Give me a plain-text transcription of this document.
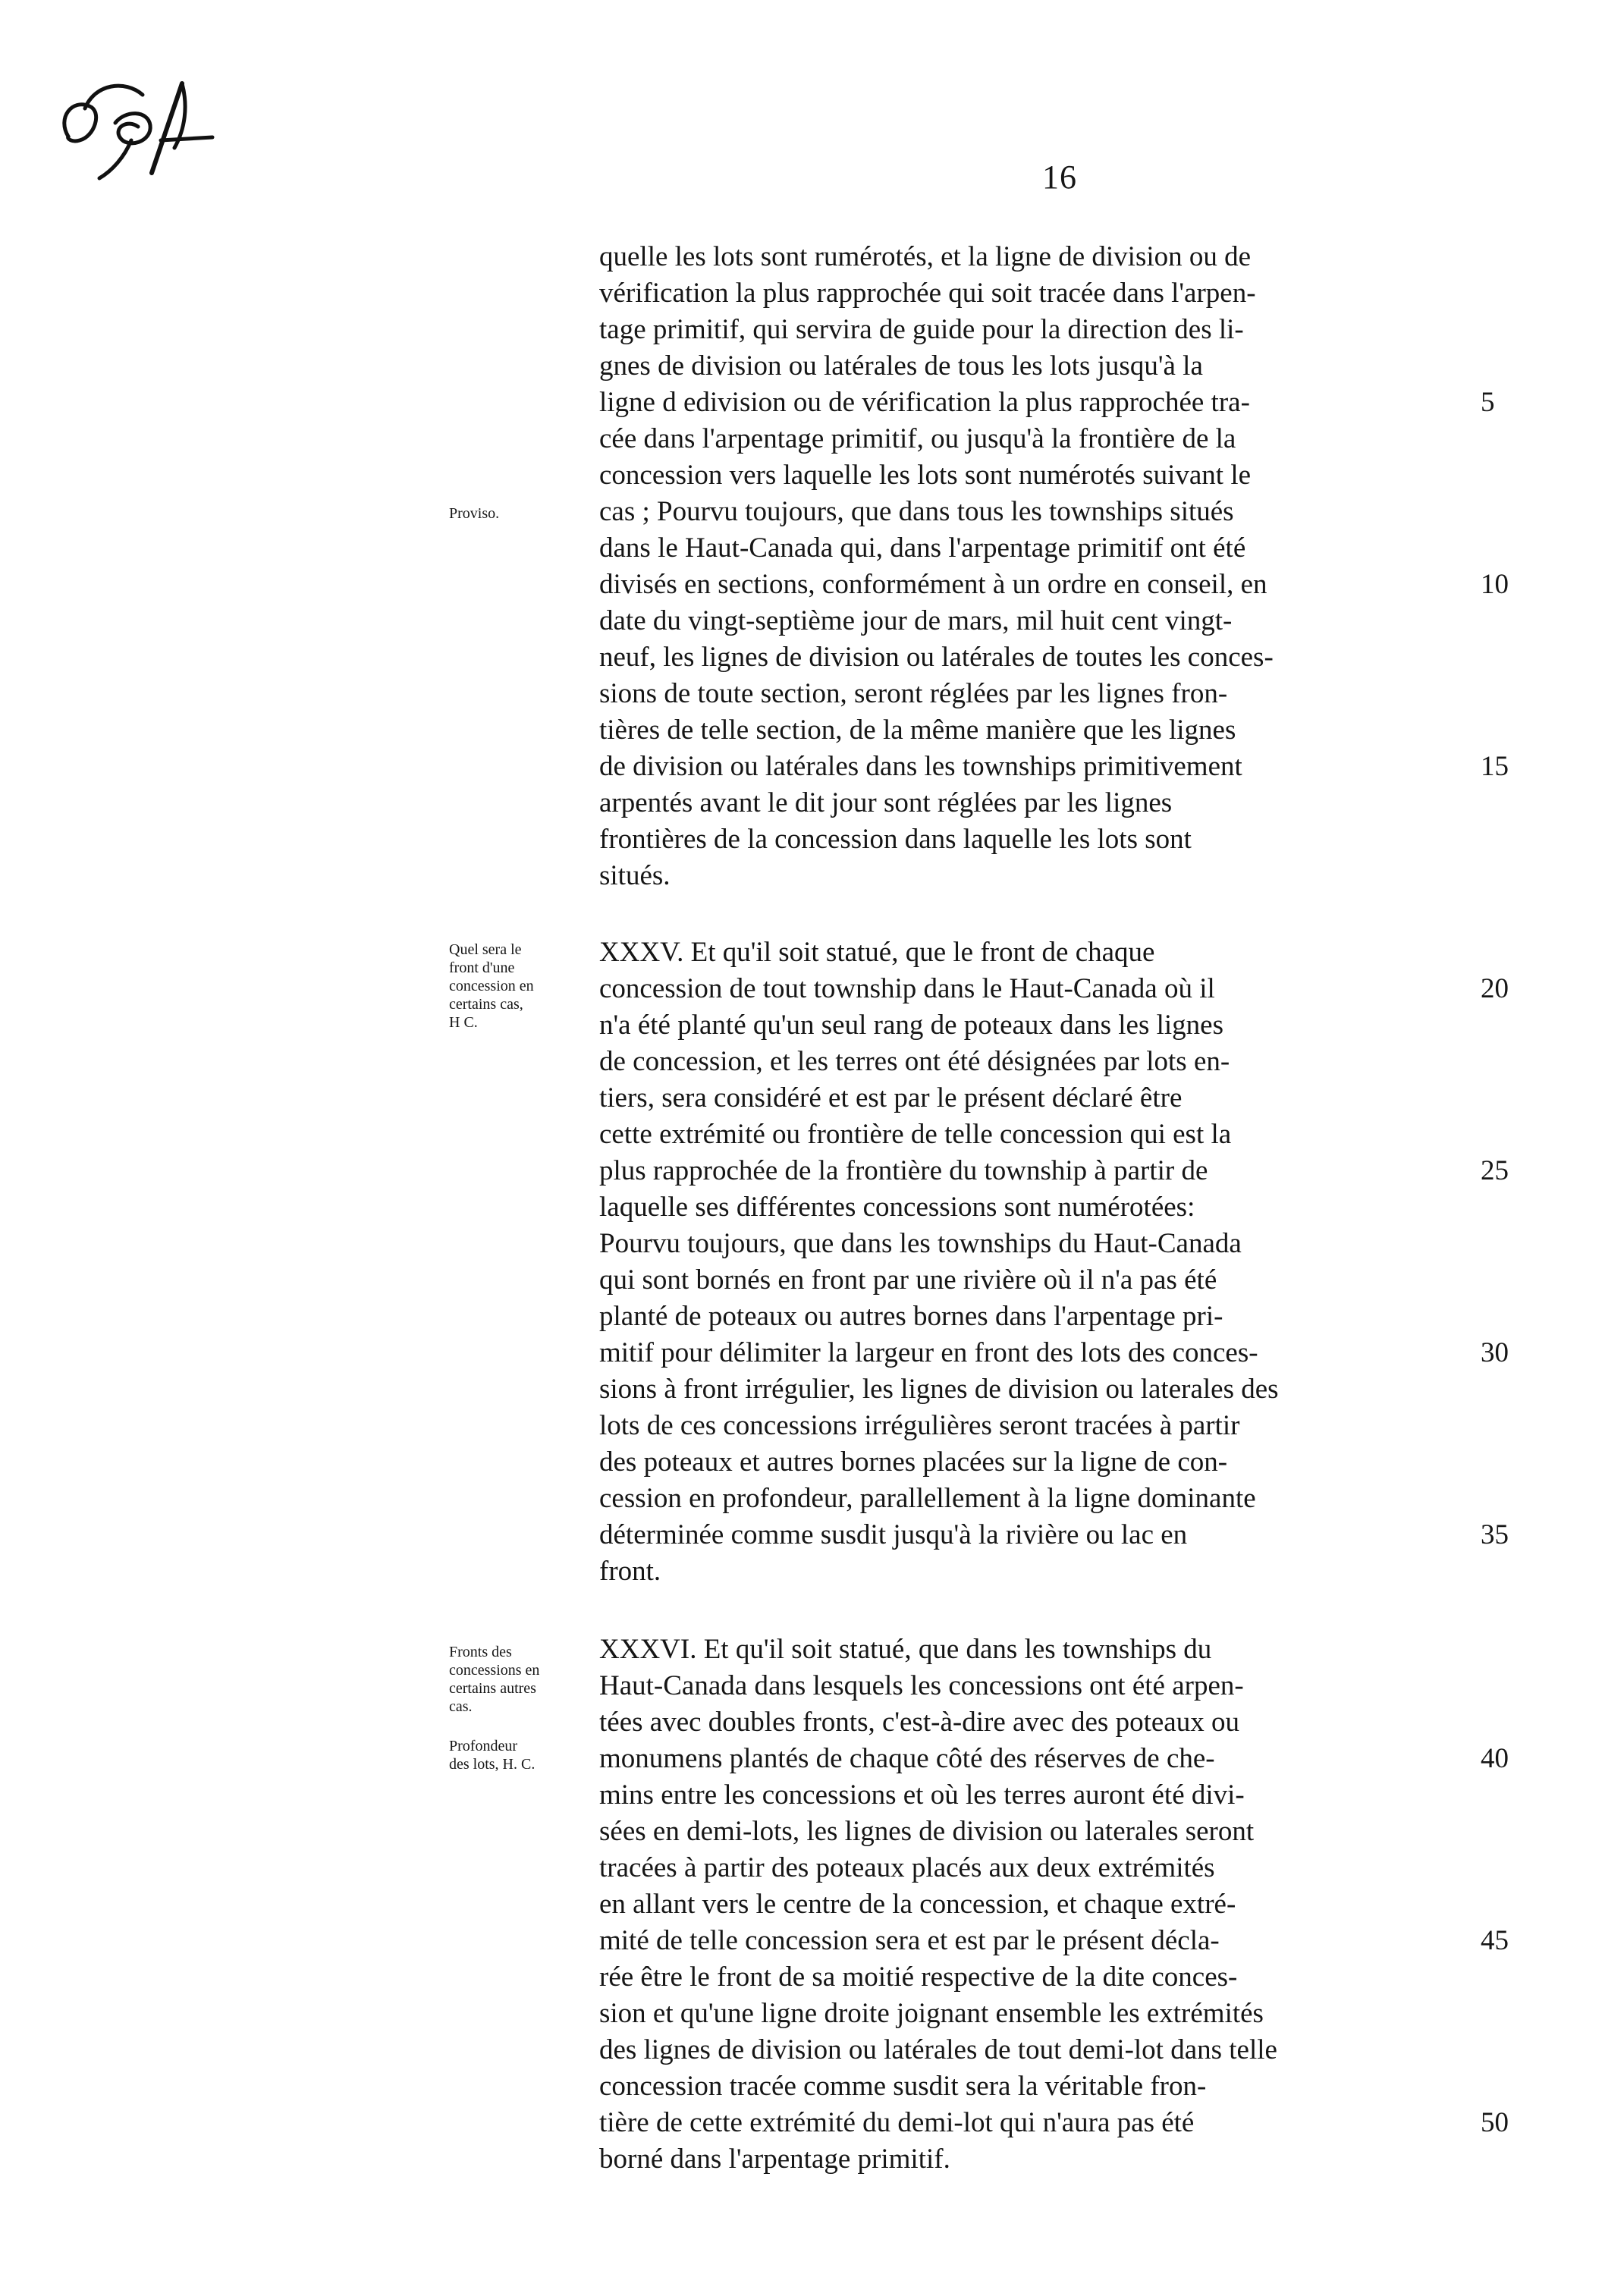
16
quelle les lots sont rumérotés, et la ligne de division ou de
vérification la plus rapprochée qui soit tracée dans l'arpen-
tage primitif, qui servira de guide pour la direction des li-
gnes de division ou latérales de tous les lots jusqu'à la
ligne d edivision ou de vérification la plus rapprochée tra-
cée dans l'arpentage primitif, ou jusqu'à la frontière de la
concession vers laquelle les lots sont numérotés suivant le
cas ; Pourvu toujours, que dans tous les townships situés
dans le Haut-Canada qui, dans l'arpentage primitif ont été
divisés en sections, conformément à un ordre en conseil, en
date du vingt-septième jour de mars, mil huit cent vingt-
neuf, les lignes de division ou latérales de toutes les conces-
sions de toute section, seront réglées par les lignes fron-
tières de telle section, de la même manière que les lignes
de division ou latérales dans les townships primitivement
arpentés avant le dit jour sont réglées par les lignes
frontières de la concession dans laquelle les lots sont
situés.
5
10
15
XXXV. Et qu'il soit statué, que le front de chaque
concession de tout township dans le Haut-Canada où il
n'a été planté qu'un seul rang de poteaux dans les lignes
de concession, et les terres ont été désignées par lots en-
tiers, sera considéré et est par le présent déclaré être
cette extrémité ou frontière de telle concession qui est la
plus rapprochée de la frontière du township à partir de
laquelle ses différentes concessions sont numérotées:
Pourvu toujours, que dans les townships du Haut-Canada
qui sont bornés en front par une rivière où il n'a pas été
planté de poteaux ou autres bornes dans l'arpentage pri-
mitif pour délimiter la largeur en front des lots des conces-
sions à front irrégulier, les lignes de division ou laterales des
lots de ces concessions irrégulières seront tracées à partir
des poteaux et autres bornes placées sur la ligne de con-
cession en profondeur, parallellement à la ligne dominante
déterminée comme susdit jusqu'à la rivière ou lac en
front.
20
25
30
35
XXXVI. Et qu'il soit statué, que dans les townships du
Haut-Canada dans lesquels les concessions ont été arpen-
tées avec doubles fronts, c'est-à-dire avec des poteaux ou
monumens plantés de chaque côté des réserves de che-
mins entre les concessions et où les terres auront été divi-
sées en demi-lots, les lignes de division ou laterales seront
tracées à partir des poteaux placés aux deux extrémités
en allant vers le centre de la concession, et chaque extré-
mité de telle concession sera et est par le présent décla-
rée être le front de sa moitié respective de la dite conces-
sion et qu'une ligne droite joignant ensemble les extrémités
des lignes de division ou latérales de tout demi-lot dans telle
concession tracée comme susdit sera la véritable fron-
tière de cette extrémité du demi-lot qui n'aura pas été
borné dans l'arpentage primitif.
40
45
50
Proviso.
Quel sera le
front d'une
concession en
certains cas,
H C.
Fronts des
concessions en
certains autres
cas.
Profondeur
des lots, H. C.
